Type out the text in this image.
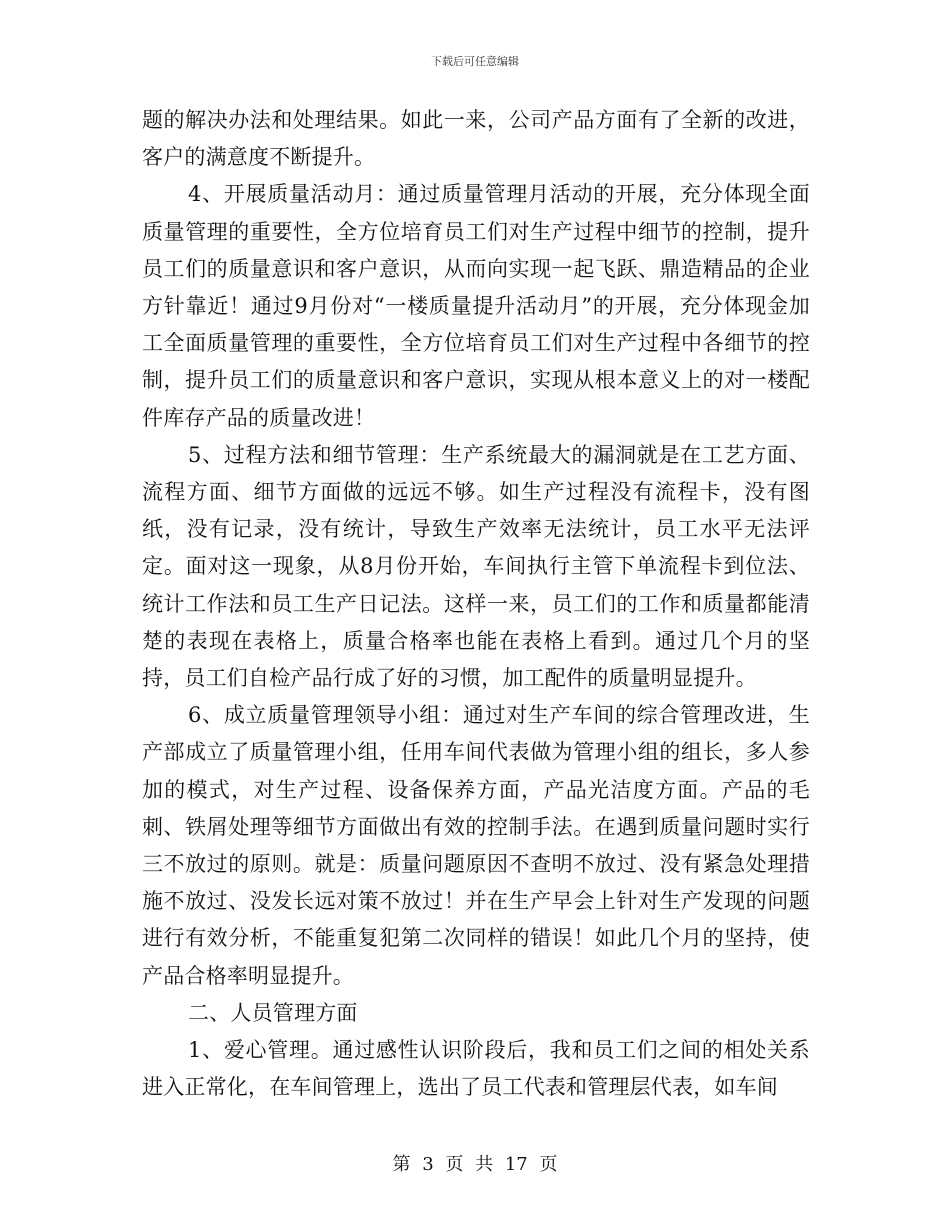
下载后可任意编辑

题的解决办法和处理结果。如此一来，公司产品方面有了全新的改进，客户的满意度不断提升。

4、开展质量活动月：通过质量管理月活动的开展，充分体现全面质量管理的重要性，全方位培育员工们对生产过程中细节的控制，提升员工们的质量意识和客户意识，从而向实现一起飞跃、鼎造精品的企业方针靠近！通过9月份对“一楼质量提升活动月”的开展，充分体现金加工全面质量管理的重要性，全方位培育员工们对生产过程中各细节的控制，提升员工们的质量意识和客户意识，实现从根本意义上的对一楼配件库存产品的质量改进！

5、过程方法和细节管理：生产系统最大的漏洞就是在工艺方面、流程方面、细节方面做的远远不够。如生产过程没有流程卡，没有图纸，没有记录，没有统计，导致生产效率无法统计，员工水平无法评定。面对这一现象，从8月份开始，车间执行主管下单流程卡到位法、统计工作法和员工生产日记法。这样一来，员工们的工作和质量都能清楚的表现在表格上，质量合格率也能在表格上看到。通过几个月的坚持，员工们自检产品行成了好的习惯，加工配件的质量明显提升。

6、成立质量管理领导小组：通过对生产车间的综合管理改进，生产部成立了质量管理小组，任用车间代表做为管理小组的组长，多人参加的模式，对生产过程、设备保养方面，产品光洁度方面。产品的毛刺、铁屑处理等细节方面做出有效的控制手法。在遇到质量问题时实行三不放过的原则。就是：质量问题原因不查明不放过、没有紧急处理措施不放过、没发长远对策不放过！并在生产早会上针对生产发现的问题进行有效分析，不能重复犯第二次同样的错误！如此几个月的坚持，使产品合格率明显提升。

二、人员管理方面

1、爱心管理。通过感性认识阶段后，我和员工们之间的相处关系进入正常化，在车间管理上，选出了员工代表和管理层代表，如车间

第 3 页 共 17 页
